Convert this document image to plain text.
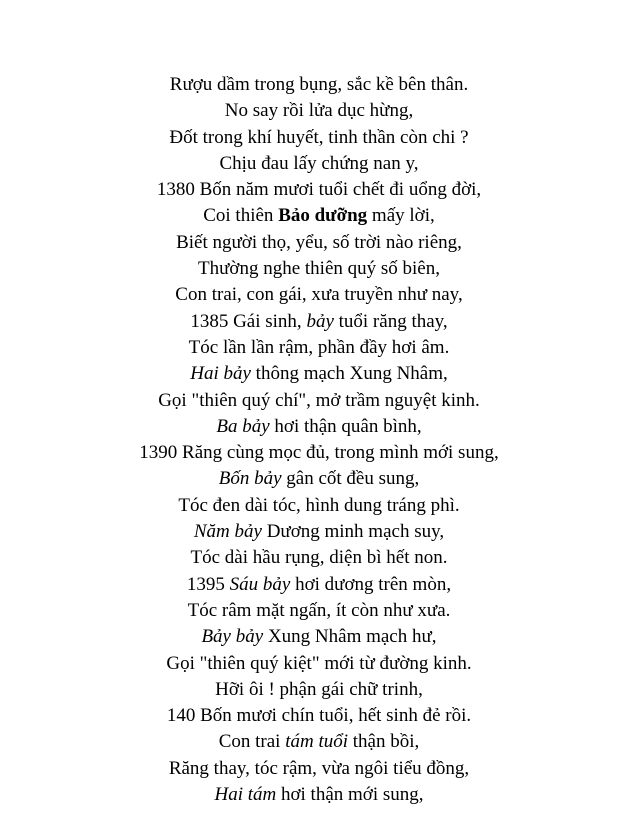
Rượu dầm trong bụng, sắc kề bên thân.
No say rồi lửa dục hừng,
Đốt trong khí huyết, tinh thần còn chi ?
Chịu đau lấy chứng nan y,
1380 Bốn năm mươi tuổi chết đi uổng đời,
Coi thiên Bảo dưỡng mấy lời,
Biết người thọ, yểu, số trời nào riêng,
Thường nghe thiên quý số biên,
Con trai, con gái, xưa truyền như nay,
1385 Gái sinh, bảy tuổi răng thay,
Tóc lần lần rậm, phần đầy hơi âm.
Hai bảy thông mạch Xung Nhâm,
Gọi "thiên quý chí", mở trầm nguyệt kinh.
Ba bảy hơi thận quân bình,
1390 Răng cùng mọc đủ, trong mình mới sung,
Bốn bảy gân cốt đều sung,
Tóc đen dài tóc, hình dung tráng phì.
Năm bảy Dương minh mạch suy,
Tóc dài hầu rụng, diện bì hết non.
1395 Sáu bảy hơi dương trên mòn,
Tóc râm mặt ngấn, ít còn như xưa.
Bảy bảy Xung Nhâm mạch hư,
Gọi "thiên quý kiệt" mới từ đường kinh.
Hỡi ôi ! phận gái chữ trinh,
140 Bốn mươi chín tuổi, hết sinh đẻ rồi.
Con trai tám tuổi thận bồi,
Răng thay, tóc rậm, vừa ngôi tiểu đồng,
Hai tám hơi thận mới sung,
